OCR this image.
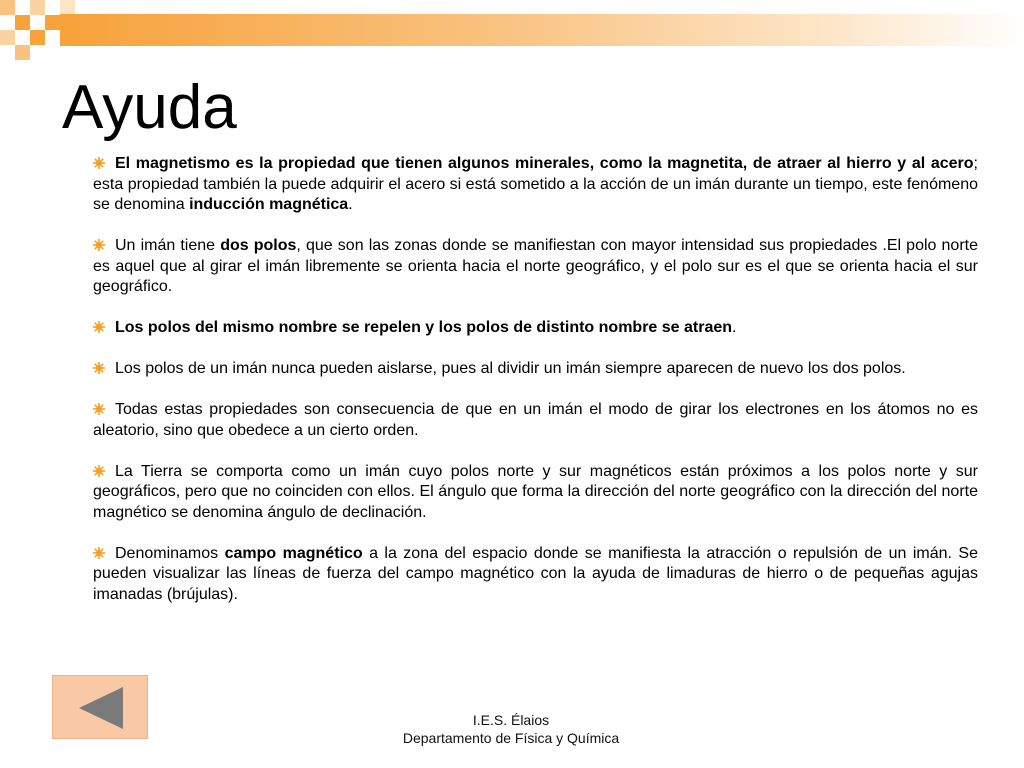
Ayuda

El magnetismo es la propiedad que tienen algunos minerales, como la magnetita, de atraer al hierro y al acero; esta propiedad también la puede adquirir el acero si está sometido a la acción de un imán durante un tiempo, este fenómeno se denomina inducción magnética.

Un imán tiene dos polos, que son las zonas donde se manifiestan con mayor intensidad sus propiedades .El polo norte es aquel que al girar el imán libremente se orienta hacia el norte geográfico, y el polo sur es el que se orienta hacia el sur geográfico.

Los polos del mismo nombre se repelen y los polos de distinto nombre se atraen.

Los polos de un imán nunca pueden aislarse, pues al dividir un imán siempre aparecen de nuevo los dos polos.

Todas estas propiedades son consecuencia de que en un imán el modo de girar los electrones en los átomos no es aleatorio, sino que obedece a un cierto orden.

La Tierra se comporta como un imán cuyo polos norte y sur magnéticos están próximos a los polos norte y sur geográficos, pero que no coinciden con ellos. El ángulo que forma la dirección del norte geográfico con la dirección del norte magnético se denomina ángulo de declinación.

Denominamos campo magnético a la zona del espacio donde se manifiesta la atracción o repulsión de un imán. Se pueden visualizar las líneas de fuerza del campo magnético con la ayuda de limaduras de hierro o de pequeñas agujas imanadas (brújulas).

I.E.S. Élaios
Departamento de Física y Química
